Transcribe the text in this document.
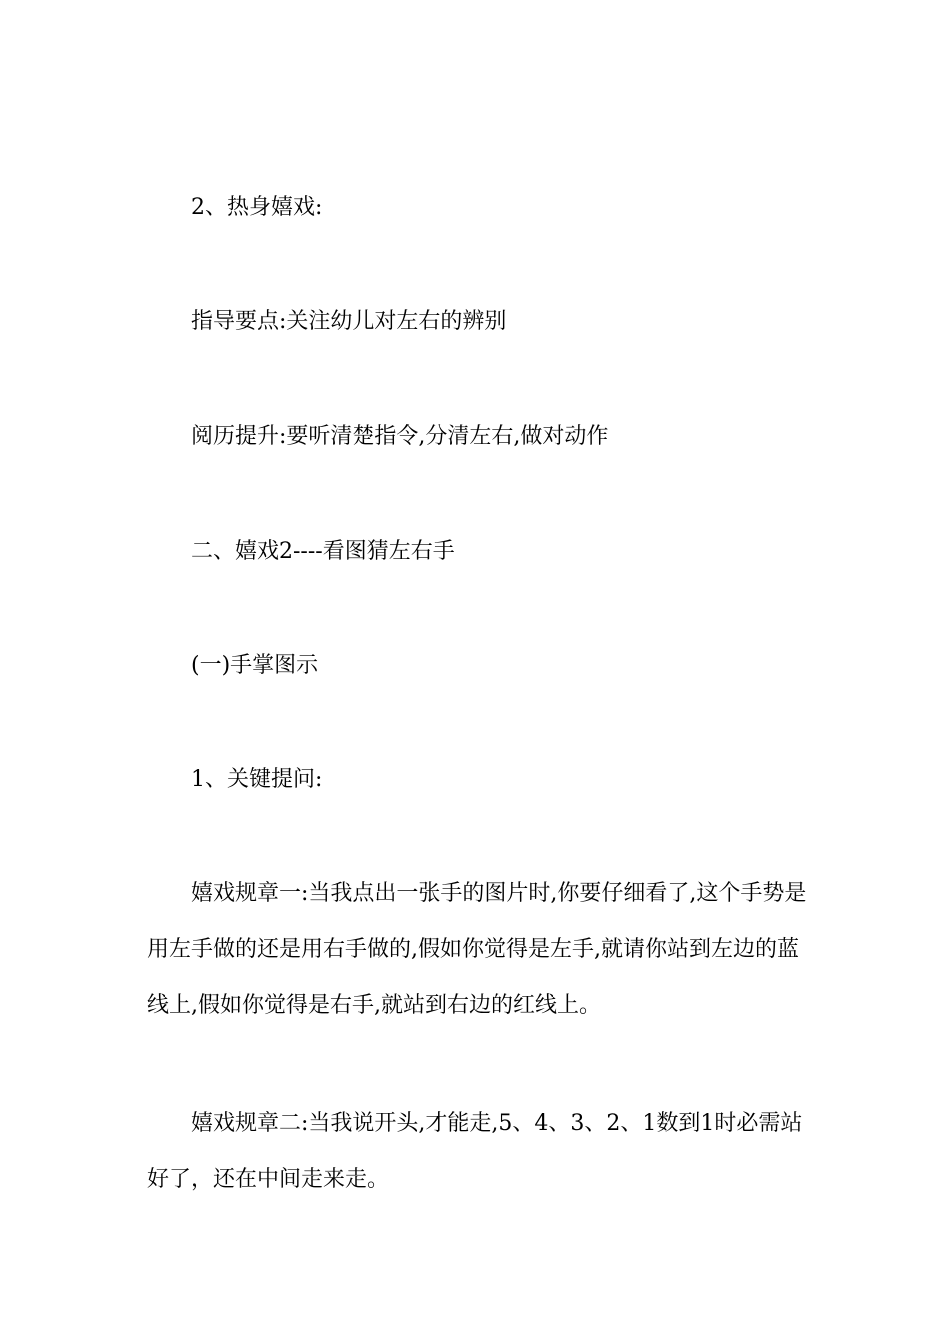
2、热身嬉戏:

指导要点:关注幼儿对左右的辨别

阅历提升:要听清楚指令,分清左右,做对动作

二、嬉戏2----看图猜左右手

(一)手掌图示

1、关键提问:

嬉戏规章一:当我点出一张手的图片时,你要仔细看了,这个手势是用左手做的还是用右手做的,假如你觉得是左手,就请你站到左边的蓝线上,假如你觉得是右手,就站到右边的红线上。

嬉戏规章二:当我说开头,才能走,5、4、3、2、1数到1时必需站好了，还在中间走来走。
